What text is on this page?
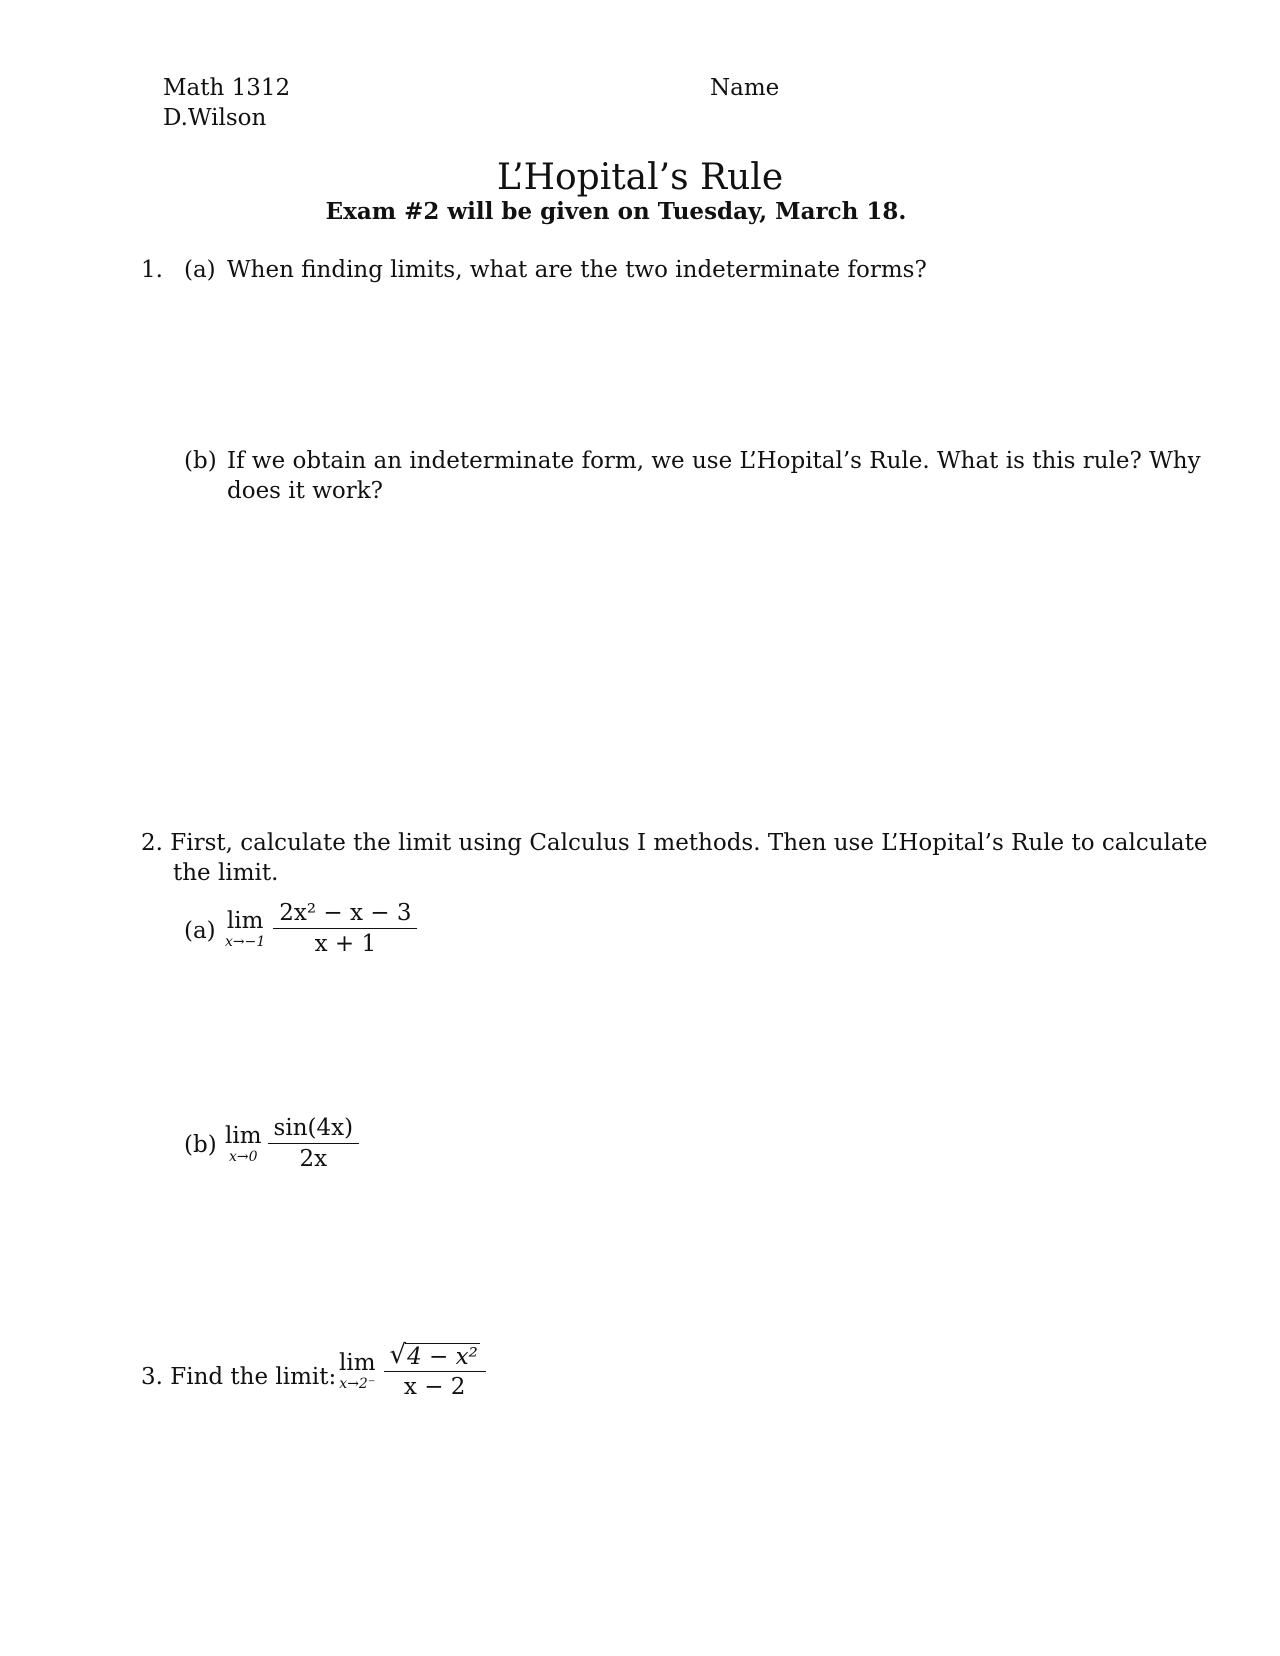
Math 1312
D.Wilson
Name
L’Hopital’s Rule
Exam #2 will be given on Tuesday, March 18.
1. (a) When finding limits, what are the two indeterminate forms?
(b) If we obtain an indeterminate form, we use L’Hopital’s Rule. What is this rule? Why
does it work?
2. First, calculate the limit using Calculus I methods. Then use L’Hopital’s Rule to calculate
the limit.
(a) lim
$x\to-1 \frac{\text{2x² − x − 3}}{x + 1}$
(b) lim
$x\to 0 \frac{\sin(4x)}{2x}$
3. Find the limit:
lim
$x\to 2^- \frac{\text{√ 4 − x²}}{x - 2}$
